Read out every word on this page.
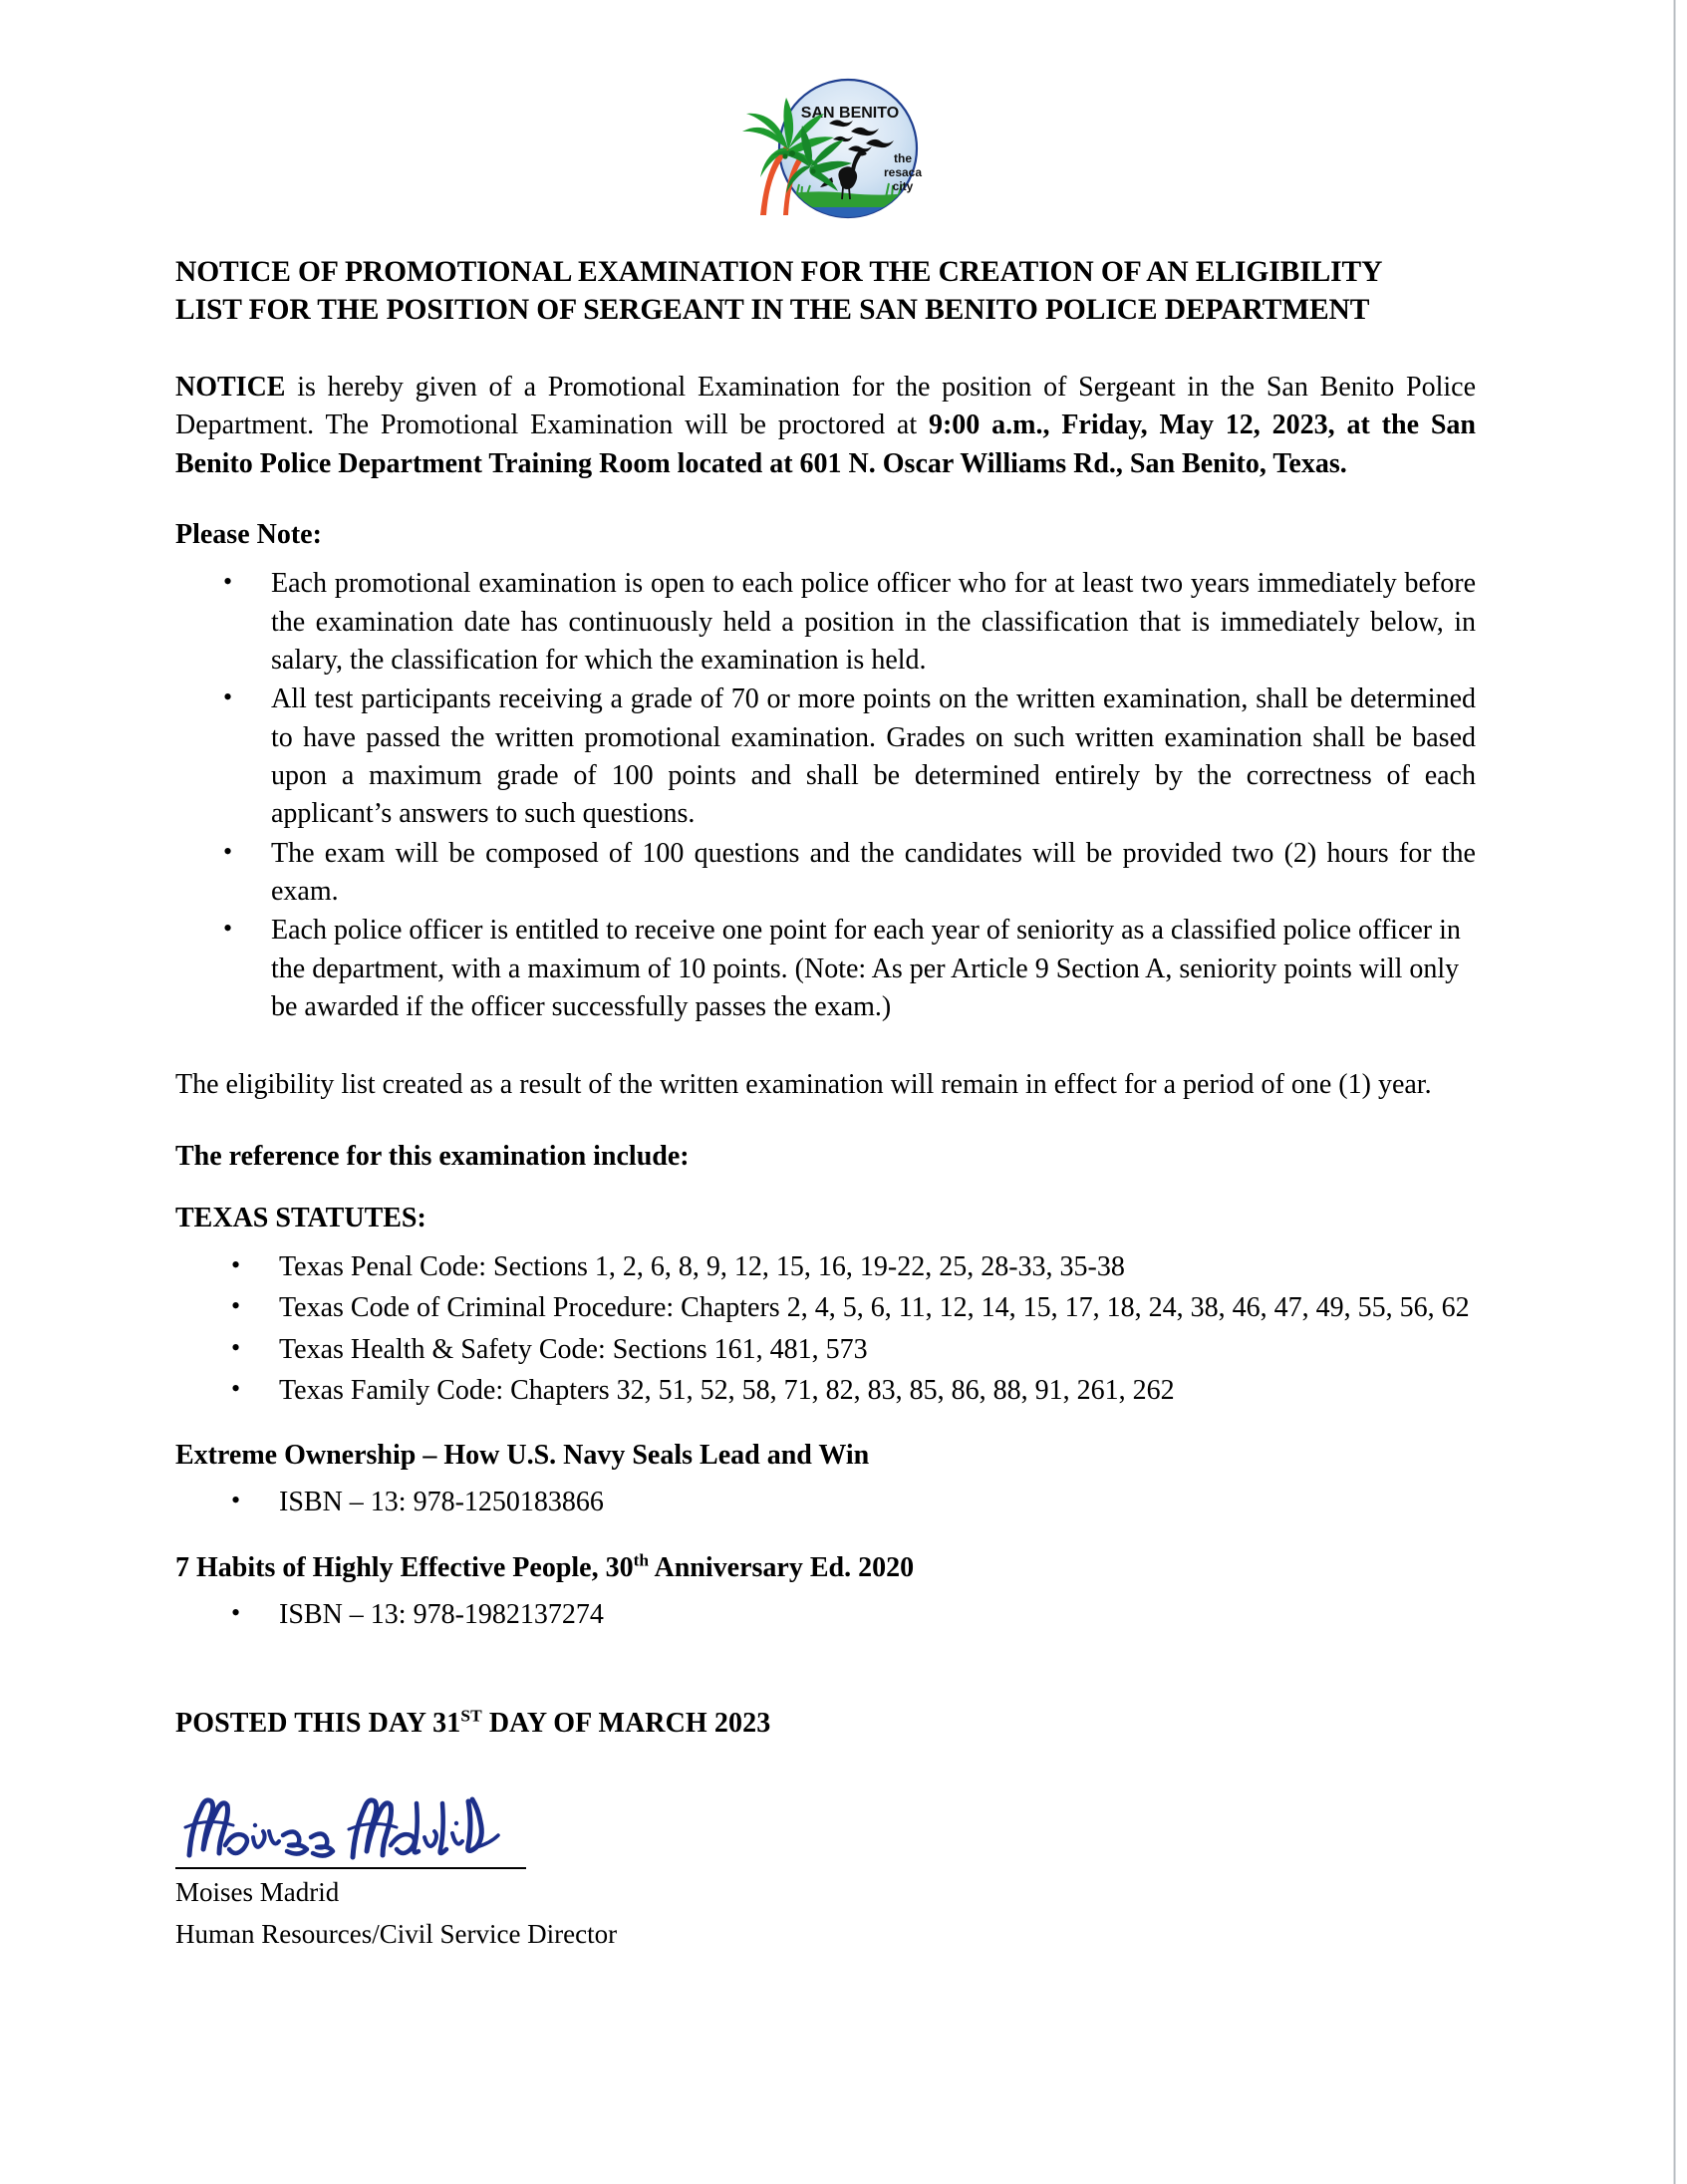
SAN BENITO
the
resaca
city
NOTICE OF PROMOTIONAL EXAMINATION FOR THE CREATION OF AN ELIGIBILITY
LIST FOR THE POSITION OF SERGEANT IN THE SAN BENITO POLICE DEPARTMENT

NOTICE is hereby given of a Promotional Examination for the position of Sergeant in the San Benito Police Department. The Promotional Examination will be proctored at 9:00 a.m., Friday, May 12, 2023, at the San Benito Police Department Training Room located at 601 N. Oscar Williams Rd., San Benito, Texas.

Please Note:
• Each promotional examination is open to each police officer who for at least two years immediately before the examination date has continuously held a position in the classification that is immediately below, in salary, the classification for which the examination is held.
• All test participants receiving a grade of 70 or more points on the written examination, shall be determined to have passed the written promotional examination. Grades on such written examination shall be based upon a maximum grade of 100 points and shall be determined entirely by the correctness of each applicant’s answers to such questions.
• The exam will be composed of 100 questions and the candidates will be provided two (2) hours for the exam.
• Each police officer is entitled to receive one point for each year of seniority as a classified police officer in the department, with a maximum of 10 points. (Note: As per Article 9 Section A, seniority points will only be awarded if the officer successfully passes the exam.)

The eligibility list created as a result of the written examination will remain in effect for a period of one (1) year.

The reference for this examination include:
TEXAS STATUTES:
• Texas Penal Code: Sections 1, 2, 6, 8, 9, 12, 15, 16, 19-22, 25, 28-33, 35-38
• Texas Code of Criminal Procedure: Chapters 2, 4, 5, 6, 11, 12, 14, 15, 17, 18, 24, 38, 46, 47, 49, 55, 56, 62
• Texas Health & Safety Code: Sections 161, 481, 573
• Texas Family Code: Chapters 32, 51, 52, 58, 71, 82, 83, 85, 86, 88, 91, 261, 262
Extreme Ownership – How U.S. Navy Seals Lead and Win
• ISBN – 13: 978-1250183866
7 Habits of Highly Effective People, 30th Anniversary Ed. 2020
• ISBN – 13: 978-1982137274
POSTED THIS DAY 31ST DAY OF MARCH 2023
Moises Madrid
Human Resources/Civil Service Director
